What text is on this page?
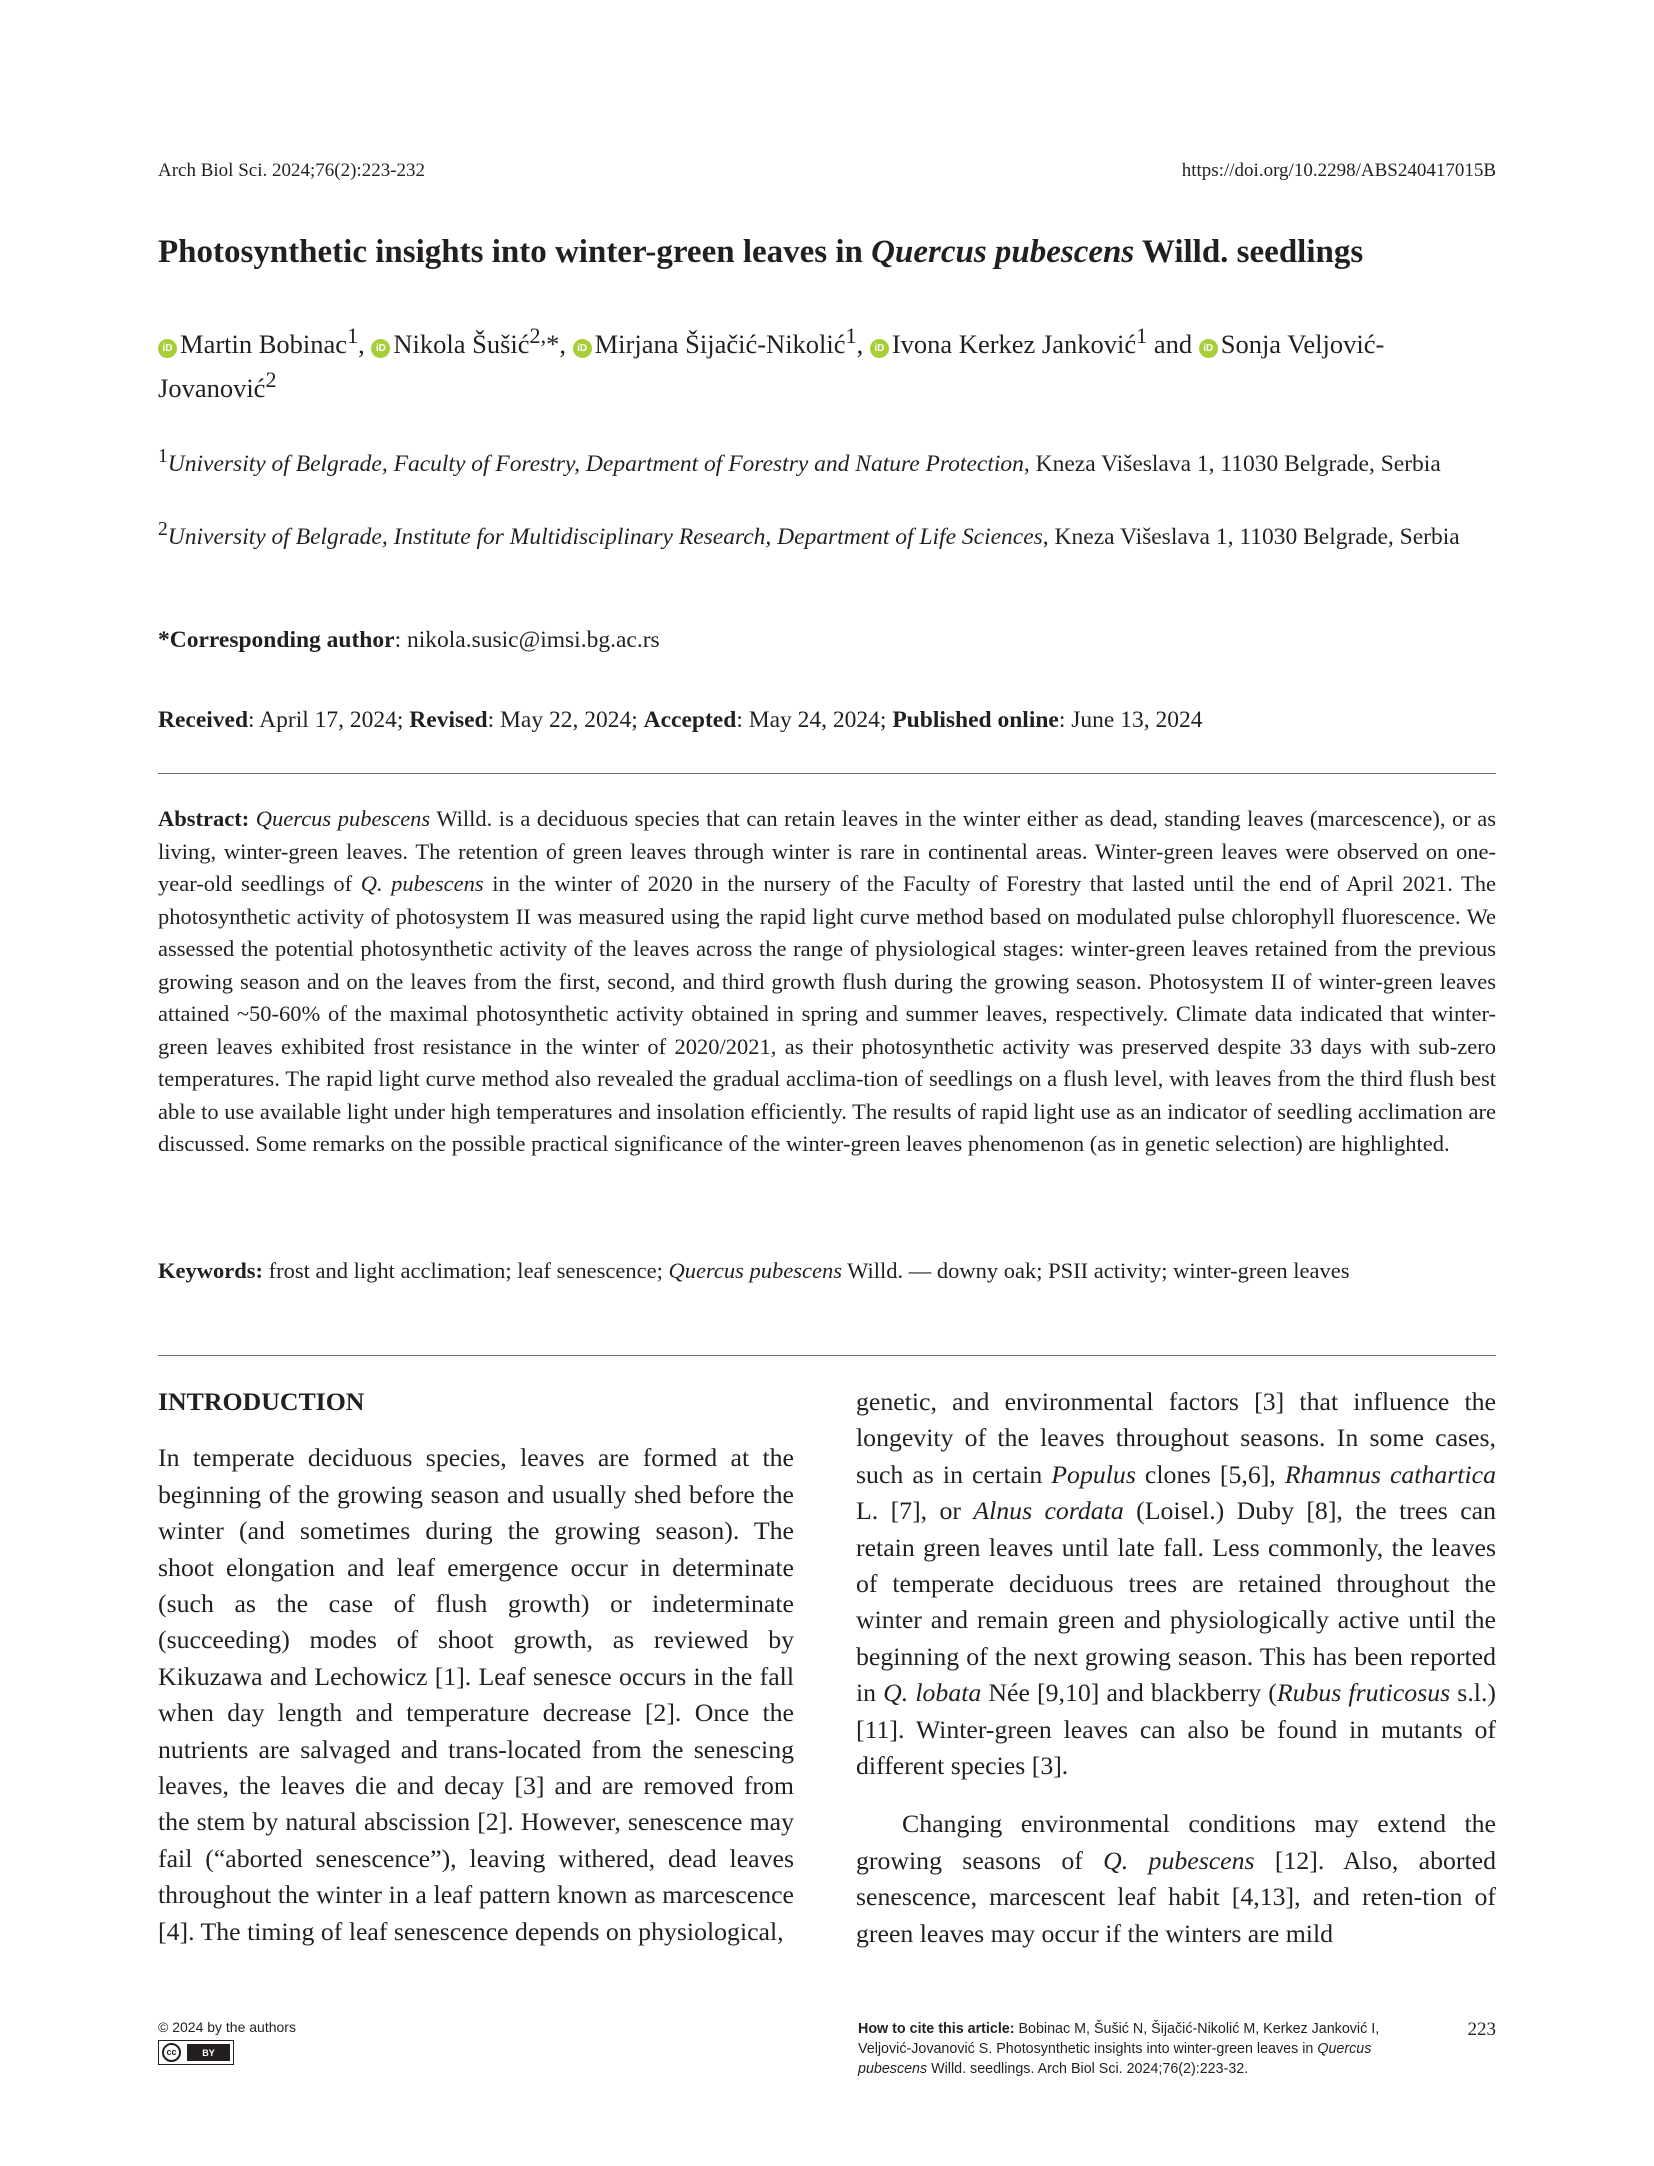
Arch Biol Sci. 2024;76(2):223-232	https://doi.org/10.2298/ABS240417015B
Photosynthetic insights into winter-green leaves in Quercus pubescens Willd. seedlings
iD Martin Bobinac$^1$, iD Nikola Šušić$^{2,}$*, iD Mirjana Šijačić-Nikolić$^1$, iD Ivona Kerkez Janković$^1$ and iD Sonja Veljović-Jovanović$^2$
$^1$University of Belgrade, Faculty of Forestry, Department of Forestry and Nature Protection, Kneza Višeslava 1, 11030 Belgrade, Serbia
$^2$University of Belgrade, Institute for Multidisciplinary Research, Department of Life Sciences, Kneza Višeslava 1, 11030 Belgrade, Serbia
*Corresponding author: nikola.susic@imsi.bg.ac.rs
Received: April 17, 2024; Revised: May 22, 2024; Accepted: May 24, 2024; Published online: June 13, 2024

Abstract: Quercus pubescens Willd. is a deciduous species that can retain leaves in the winter either as dead, standing leaves (marcescence), or as living, winter-green leaves. The retention of green leaves through winter is rare in continental areas. Winter-green leaves were observed on one-year-old seedlings of Q. pubescens in the winter of 2020 in the nursery of the Faculty of Forestry that lasted until the end of April 2021. The photosynthetic activity of photosystem II was measured using the rapid light curve method based on modulated pulse chlorophyll fluorescence. We assessed the potential photosynthetic activity of the leaves across the range of physiological stages: winter-green leaves retained from the previous growing season and on the leaves from the first, second, and third growth flush during the growing season. Photosystem II of winter-green leaves attained ~50-60% of the maximal photosynthetic activity obtained in spring and summer leaves, respectively. Climate data indicated that winter-green leaves exhibited frost resistance in the winter of 2020/2021, as their photosynthetic activity was preserved despite 33 days with sub-zero temperatures. The rapid light curve method also revealed the gradual acclima-tion of seedlings on a flush level, with leaves from the third flush best able to use available light under high temperatures and insolation efficiently. The results of rapid light use as an indicator of seedling acclimation are discussed. Some remarks on the possible practical significance of the winter-green leaves phenomenon (as in genetic selection) are highlighted.

Keywords: frost and light acclimation; leaf senescence; Quercus pubescens Willd. — downy oak; PSII activity; winter-green leaves

INTRODUCTION

In temperate deciduous species, leaves are formed at the beginning of the growing season and usually shed before the winter (and sometimes during the growing season). The shoot elongation and leaf emergence occur in determinate (such as the case of flush growth) or indeterminate (succeeding) modes of shoot growth, as reviewed by Kikuzawa and Lechowicz [1]. Leaf senesce occurs in the fall when day length and temperature decrease [2]. Once the nutrients are salvaged and trans-located from the senescing leaves, the leaves die and decay [3] and are removed from the stem by natural abscission [2]. However, senescence may fail (“aborted senescence”), leaving withered, dead leaves throughout the winter in a leaf pattern known as marcescence [4]. The timing of leaf senescence depends on physiological,

genetic, and environmental factors [3] that influence the longevity of the leaves throughout seasons. In some cases, such as in certain Populus clones [5,6], Rhamnus cathartica L. [7], or Alnus cordata (Loisel.) Duby [8], the trees can retain green leaves until late fall. Less commonly, the leaves of temperate deciduous trees are retained throughout the winter and remain green and physiologically active until the beginning of the next growing season. This has been reported in Q. lobata Née [9,10] and blackberry (Rubus fruticosus s.l.) [11]. Winter-green leaves can also be found in mutants of different species [3].

Changing environmental conditions may extend the growing seasons of Q. pubescens [12]. Also, aborted senescence, marcescent leaf habit [4,13], and reten-tion of green leaves may occur if the winters are mild

© 2024 by the authors
cc	BY
How to cite this article: Bobinac M, Šušić N, Šijačić-Nikolić M, Kerkez Janković I, Veljović-Jovanović S. Photosynthetic insights into winter-green leaves in Quercus pubescens Willd. seedlings. Arch Biol Sci. 2024;76(2):223-32.
223
